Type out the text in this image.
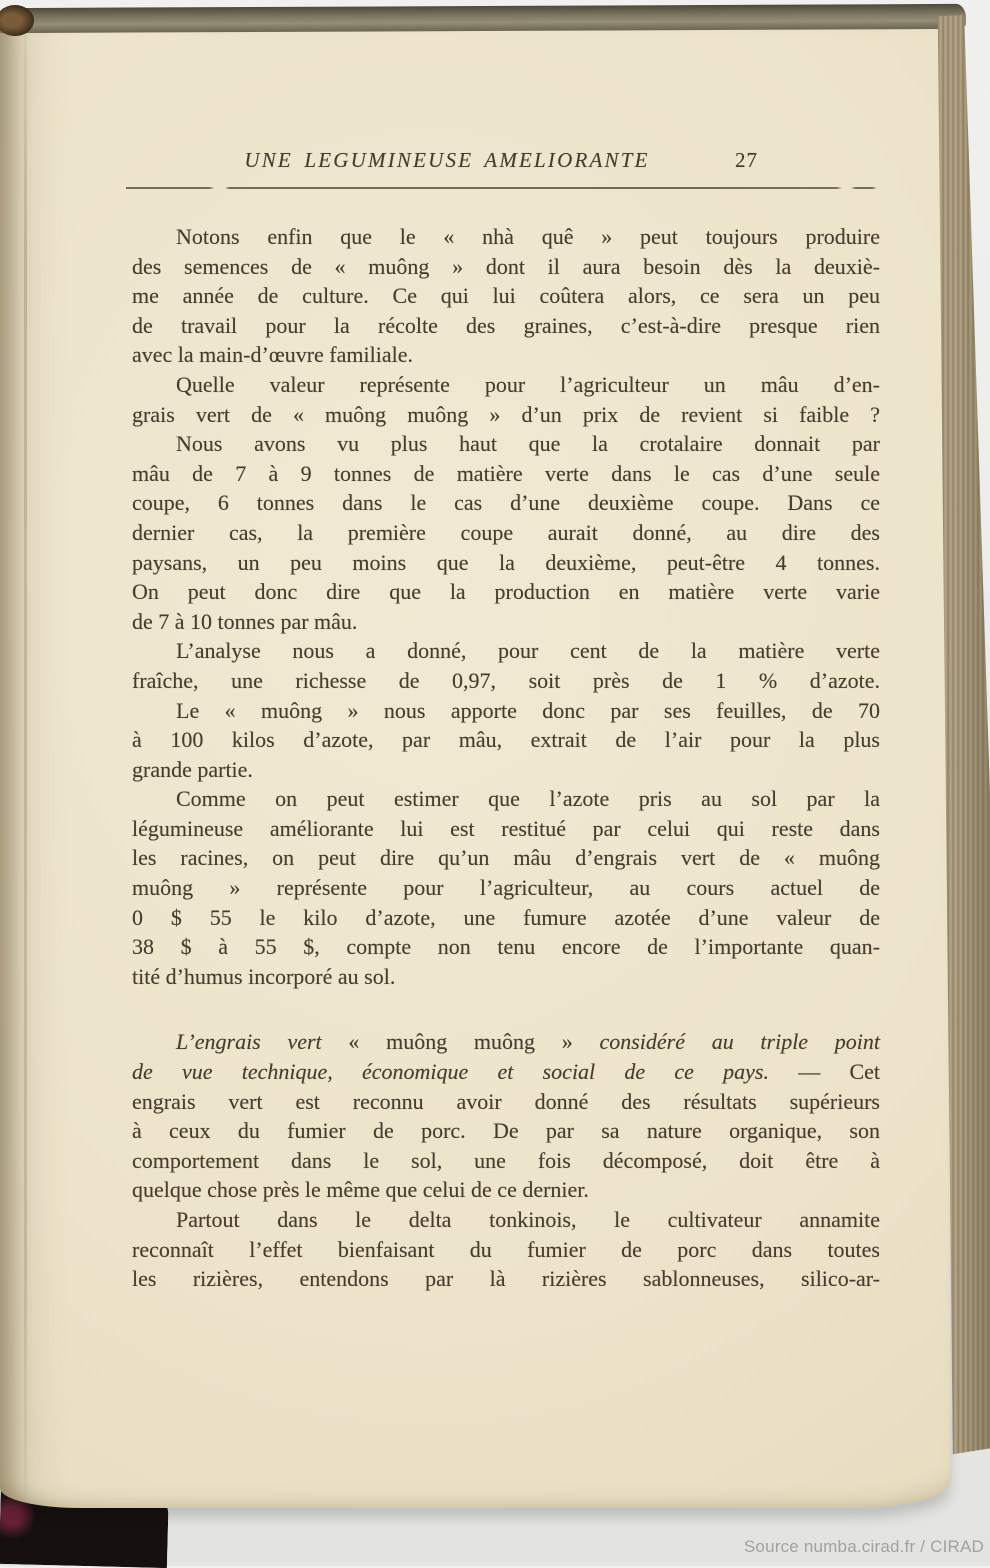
UNE LEGUMINEUSE AMELIORANTE	27

Notons enfin que le « nhà quê » peut toujours produire
des semences de « muông » dont il aura besoin dès la deuxiè-
me année de culture. Ce qui lui coûtera alors, ce sera un peu
de travail pour la récolte des graines, c’est-à-dire presque rien
avec la main-d’œuvre familiale.

Quelle valeur représente pour l’agriculteur un mâu d’en-
grais vert de « muông muông » d’un prix de revient si faible ?

Nous avons vu plus haut que la crotalaire donnait par
mâu de 7 à 9 tonnes de matière verte dans le cas d’une seule
coupe, 6 tonnes dans le cas d’une deuxième coupe. Dans ce
dernier cas, la première coupe aurait donné, au dire des
paysans, un peu moins que la deuxième, peut-être 4 tonnes.
On peut donc dire que la production en matière verte varie
de 7 à 10 tonnes par mâu.

L’analyse nous a donné, pour cent de la matière verte
fraîche, une richesse de 0,97, soit près de 1 % d’azote.

Le « muông » nous apporte donc par ses feuilles, de 70
à 100 kilos d’azote, par mâu, extrait de l’air pour la plus
grande partie.

Comme on peut estimer que l’azote pris au sol par la
légumineuse améliorante lui est restitué par celui qui reste dans
les racines, on peut dire qu’un mâu d’engrais vert de « muông
muông » représente pour l’agriculteur, au cours actuel de
0 $ 55 le kilo d’azote, une fumure azotée d’une valeur de
38 $ à 55 $, compte non tenu encore de l’importante quan-
tité d’humus incorporé au sol.

L’engrais vert « muông muông » considéré au triple point
de vue technique, économique et social de ce pays. — Cet
engrais vert est reconnu avoir donné des résultats supérieurs
à ceux du fumier de porc. De par sa nature organique, son
comportement dans le sol, une fois décomposé, doit être à
quelque chose près le même que celui de ce dernier.

Partout dans le delta tonkinois, le cultivateur annamite
reconnaît l’effet bienfaisant du fumier de porc dans toutes
les rizières, entendons par là rizières sablonneuses, silico-ar-

Source numba.cirad.fr / CIRAD
